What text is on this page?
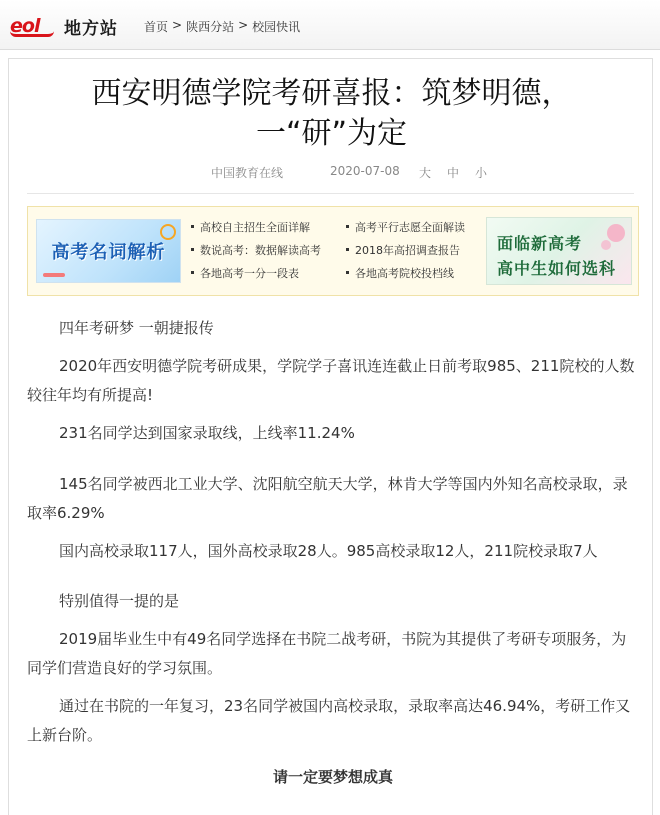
eol 地方站 首页 > 陕西分站 > 校园快讯
西安明德学院考研喜报：筑梦明德，
一“研”为定
中国教育在线	2020-07-08 大 中 小
高考名词解析
高校自主招生全面详解	高考平行志愿全面解读
数说高考：数据解读高考	2018年高招调查报告
各地高考一分一段表	各地高考院校投档线
面临新高考
高中生如何选科

四年考研梦 一朝捷报传

2020年西安明德学院考研成果，学院学子喜讯连连截止日前考取985、211院校的人数较往年均有所提高!

231名同学达到国家录取线，上线率11.24%

145名同学被西北工业大学、沈阳航空航天大学，林肯大学等国内外知名高校录取，录取率6.29%

国内高校录取117人，国外高校录取28人。985高校录取12人，211院校录取7人

特别值得一提的是

2019届毕业生中有49名同学选择在书院二战考研，书院为其提供了考研专项服务，为同学们营造良好的学习氛围。

通过在书院的一年复习，23名同学被国内高校录取，录取率高达46.94%，考研工作又上新台阶。

请一定要梦想成真
